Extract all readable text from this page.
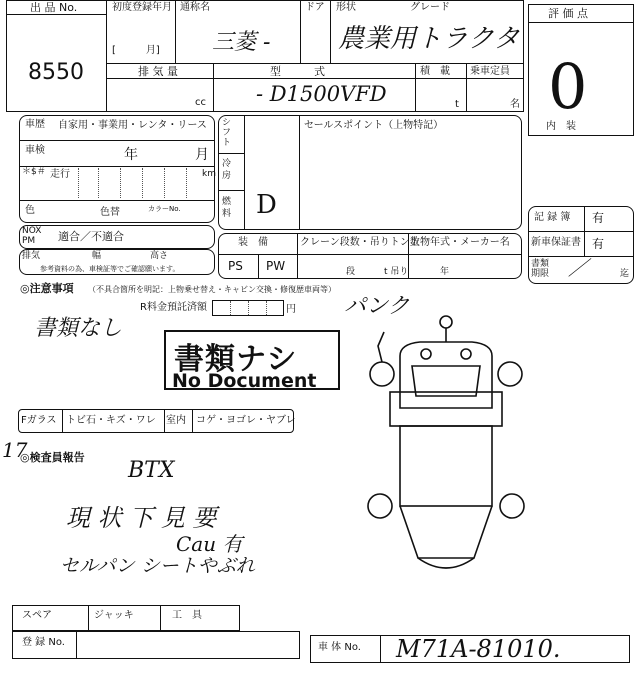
出 品 No.
8550
初度登録年月
[　　　月]
通称名	ドア 形状	グレード
三菱 -	農業用トラクタ
排 気 量
cc
型　　　式
- D1500VFD
積　載
t
乗車定員
名
評 価 点
0
内　装
車歴 自家用・事業用・レンタ・リース
車検	年	月
＊$＃ 走行	km
色	色替	カラーNo.
NOX PM	適合／不適合
排気	幅	高さ
参考資料の為、車検証等でご確認願います。
シフト
冷房
燃料 D
セールスポイント（上物特記）
装　備
PS PW
クレーン段数・吊りトン数
段	t 吊り
上物年式・メーカー名
年
記 録 簿 有
新車保証書 有
書類期限 ／	迄
◎注意事項 （不具合箇所を明記：上物乗せ替え・キャビン交換・修復歴車両等）
R料金預託済額	円
書類なし
書類ナシ
No Document
パンク
Fガラス トビ石・キズ・ワレ 室内 コゲ・ヨゴレ・ヤブレ
17
◎検査員報告
BTX
現 状 下 見 要
Cau 有
セルパン シートやぶれ
スペア	ジャッキ	工　具
登 録 No.	車 体 No. M71A-81010.
